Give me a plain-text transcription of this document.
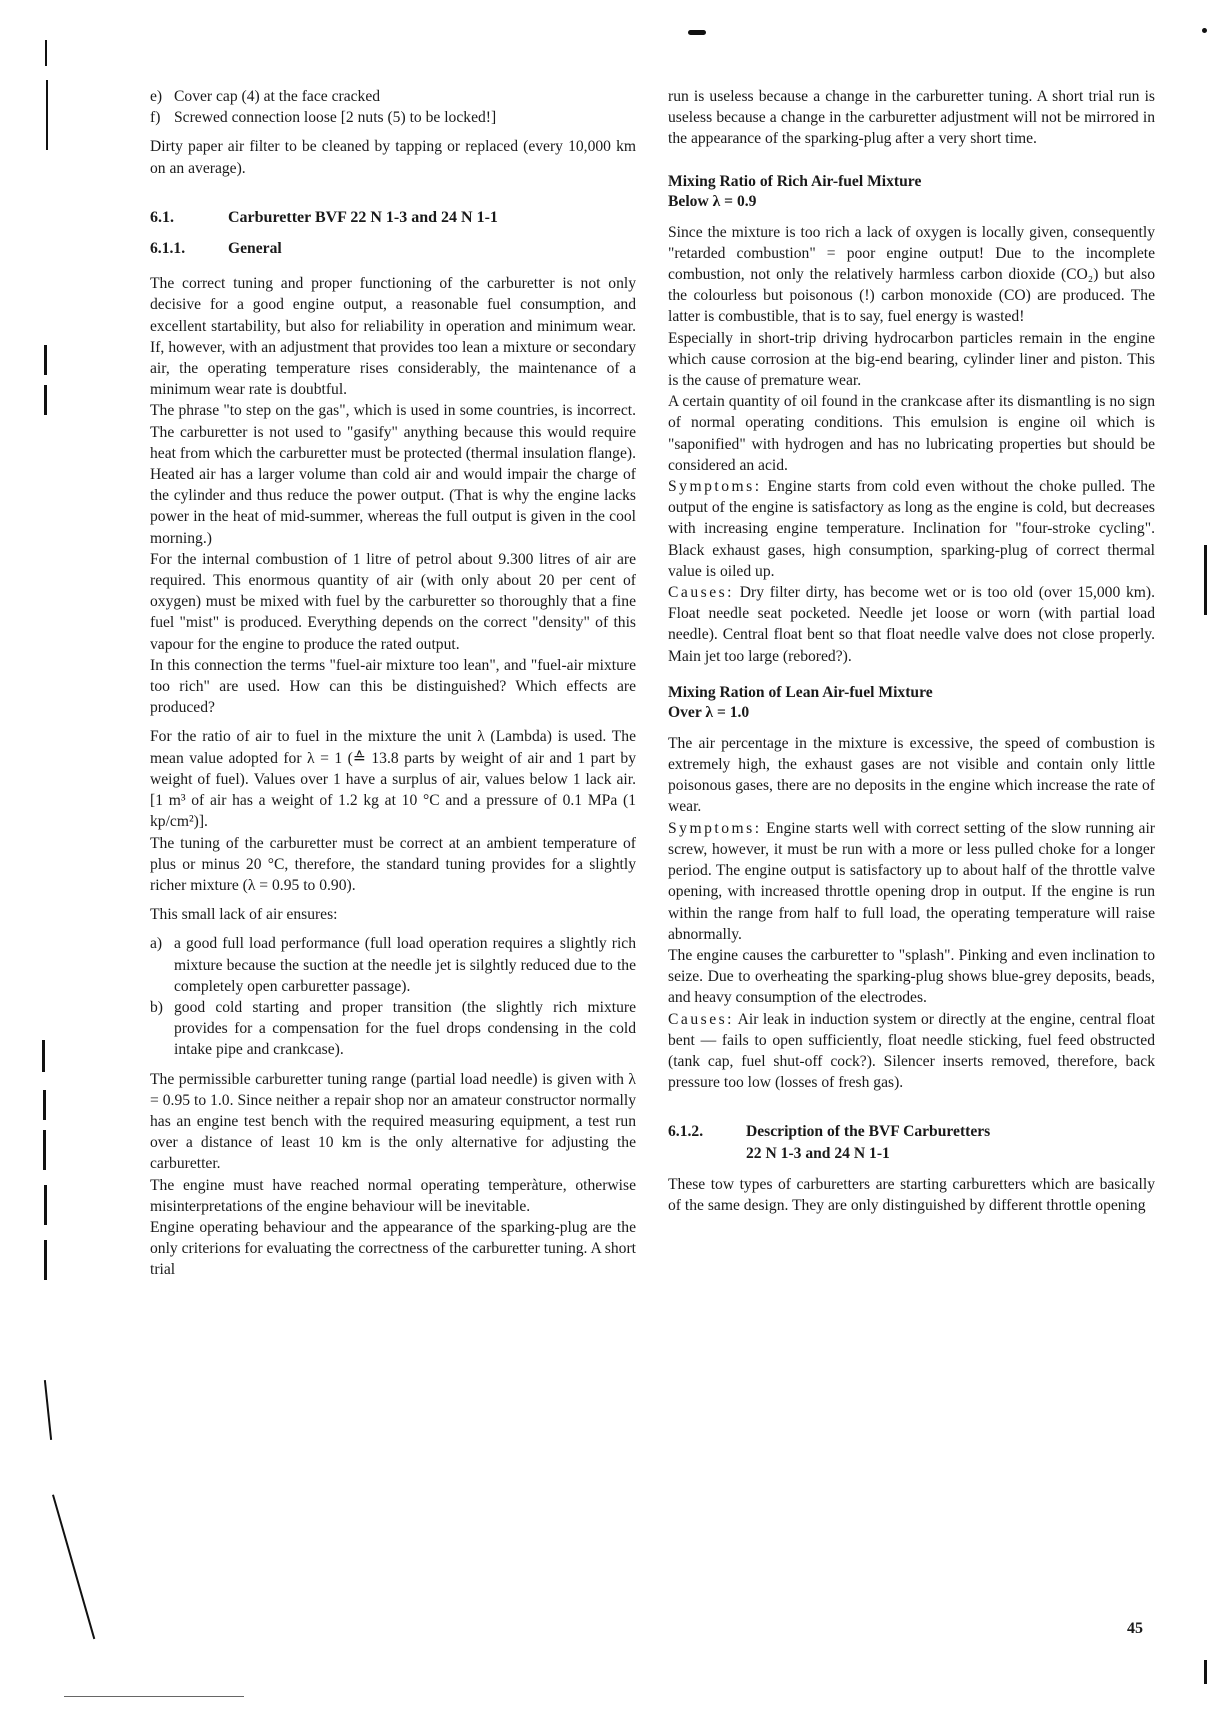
e) Cover cap (4) at the face cracked
f) Screwed connection loose [2 nuts (5) to be locked!]

Dirty paper air filter to be cleaned by tapping or replaced (every 10,000 km on an average).

6.1.	Carburetter BVF 22 N 1-3 and 24 N 1-1
6.1.1.	General

The correct tuning and proper functioning of the carburetter is not only decisive for a good engine output, a reasonable fuel consumption, and excellent startability, but also for reliability in operation and minimum wear. If, however, with an adjustment that provides too lean a mixture or secondary air, the operating temperature rises considerably, the maintenance of a minimum wear rate is doubtful.

The phrase "to step on the gas", which is used in some countries, is incorrect. The carburetter is not used to "gasify" anything because this would require heat from which the carburetter must be protected (thermal insulation flange). Heated air has a larger volume than cold air and would impair the charge of the cylinder and thus reduce the power output. (That is why the engine lacks power in the heat of mid-summer, whereas the full output is given in the cool morning.)

For the internal combustion of 1 litre of petrol about 9.300 litres of air are required. This enormous quantity of air (with only about 20 per cent of oxygen) must be mixed with fuel by the carburetter so thoroughly that a fine fuel "mist" is produced. Everything depends on the correct "density" of this vapour for the engine to produce the rated output.

In this connection the terms "fuel-air mixture too lean", and "fuel-air mixture too rich" are used. How can this be distinguished? Which effects are produced?

For the ratio of air to fuel in the mixture the unit λ (Lambda) is used. The mean value adopted for λ = 1 (≙ 13.8 parts by weight of air and 1 part by weight of fuel). Values over 1 have a surplus of air, values below 1 lack air. [1 m³ of air has a weight of 1.2 kg at 10 °C and a pressure of 0.1 MPa (1 kp/cm²)].

The tuning of the carburetter must be correct at an ambient temperature of plus or minus 20 °C, therefore, the standard tuning provides for a slightly richer mixture (λ = 0.95 to 0.90).

This small lack of air ensures:

a) a good full load performance (full load operation requires a slightly rich mixture because the suction at the needle jet is silghtly reduced due to the completely open carburetter passage).
b) good cold starting and proper transition (the slightly rich mixture provides for a compensation for the fuel drops condensing in the cold intake pipe and crankcase).

The permissible carburetter tuning range (partial load needle) is given with λ = 0.95 to 1.0. Since neither a repair shop nor an amateur constructor normally has an engine test bench with the required measuring equipment, a test run over a distance of least 10 km is the only alternative for adjusting the carburetter.

The engine must have reached normal operating temperàture, otherwise misinterpretations of the engine behaviour will be inevitable.

Engine operating behaviour and the appearance of the sparking-plug are the only criterions for evaluating the correctness of the carburetter tuning. A short trial

run is useless because a change in the carburetter tuning. A short trial run is useless because a change in the carburetter adjustment will not be mirrored in the appearance of the sparking-plug after a very short time.

Mixing Ratio of Rich Air-fuel Mixture
Below λ = 0.9

Since the mixture is too rich a lack of oxygen is locally given, consequently "retarded combustion" = poor engine output! Due to the incomplete combustion, not only the relatively harmless carbon dioxide (CO₂) but also the colourless but poisonous (!) carbon monoxide (CO) are produced. The latter is combustible, that is to say, fuel energy is wasted!

Especially in short-trip driving hydrocarbon particles remain in the engine which cause corrosion at the big-end bearing, cylinder liner and piston. This is the cause of premature wear.

A certain quantity of oil found in the crankcase after its dismantling is no sign of normal operating conditions. This emulsion is engine oil which is "saponified" with hydrogen and has no lubricating properties but should be considered an acid.

Symptoms: Engine starts from cold even without the choke pulled. The output of the engine is satisfactory as long as the engine is cold, but decreases with increasing engine temperature. Inclination for "four-stroke cycling". Black exhaust gases, high consumption, sparking-plug of correct thermal value is oiled up.

Causes: Dry filter dirty, has become wet or is too old (over 15,000 km). Float needle seat pocketed. Needle jet loose or worn (with partial load needle). Central float bent so that float needle valve does not close properly. Main jet too large (rebored?).

Mixing Ration of Lean Air-fuel Mixture
Over λ = 1.0

The air percentage in the mixture is excessive, the speed of combustion is extremely high, the exhaust gases are not visible and contain only little poisonous gases, there are no deposits in the engine which increase the rate of wear.

Symptoms: Engine starts well with correct setting of the slow running air screw, however, it must be run with a more or less pulled choke for a longer period. The engine output is satisfactory up to about half of the throttle valve opening, with increased throttle opening drop in output. If the engine is run within the range from half to full load, the operating temperature will raise abnormally.

The engine causes the carburetter to "splash". Pinking and even inclination to seize. Due to overheating the sparking-plug shows blue-grey deposits, beads, and heavy consumption of the electrodes.

Causes: Air leak in induction system or directly at the engine, central float bent — fails to open sufficiently, float needle sticking, fuel feed obstructed (tank cap, fuel shut-off cock?). Silencer inserts removed, therefore, back pressure too low (losses of fresh gas).

6.1.2.	Description of the BVF Carburetters
22 N 1-3 and 24 N 1-1

These tow types of carburetters are starting carburetters which are basically of the same design. They are only distinguished by different throttle opening

45
